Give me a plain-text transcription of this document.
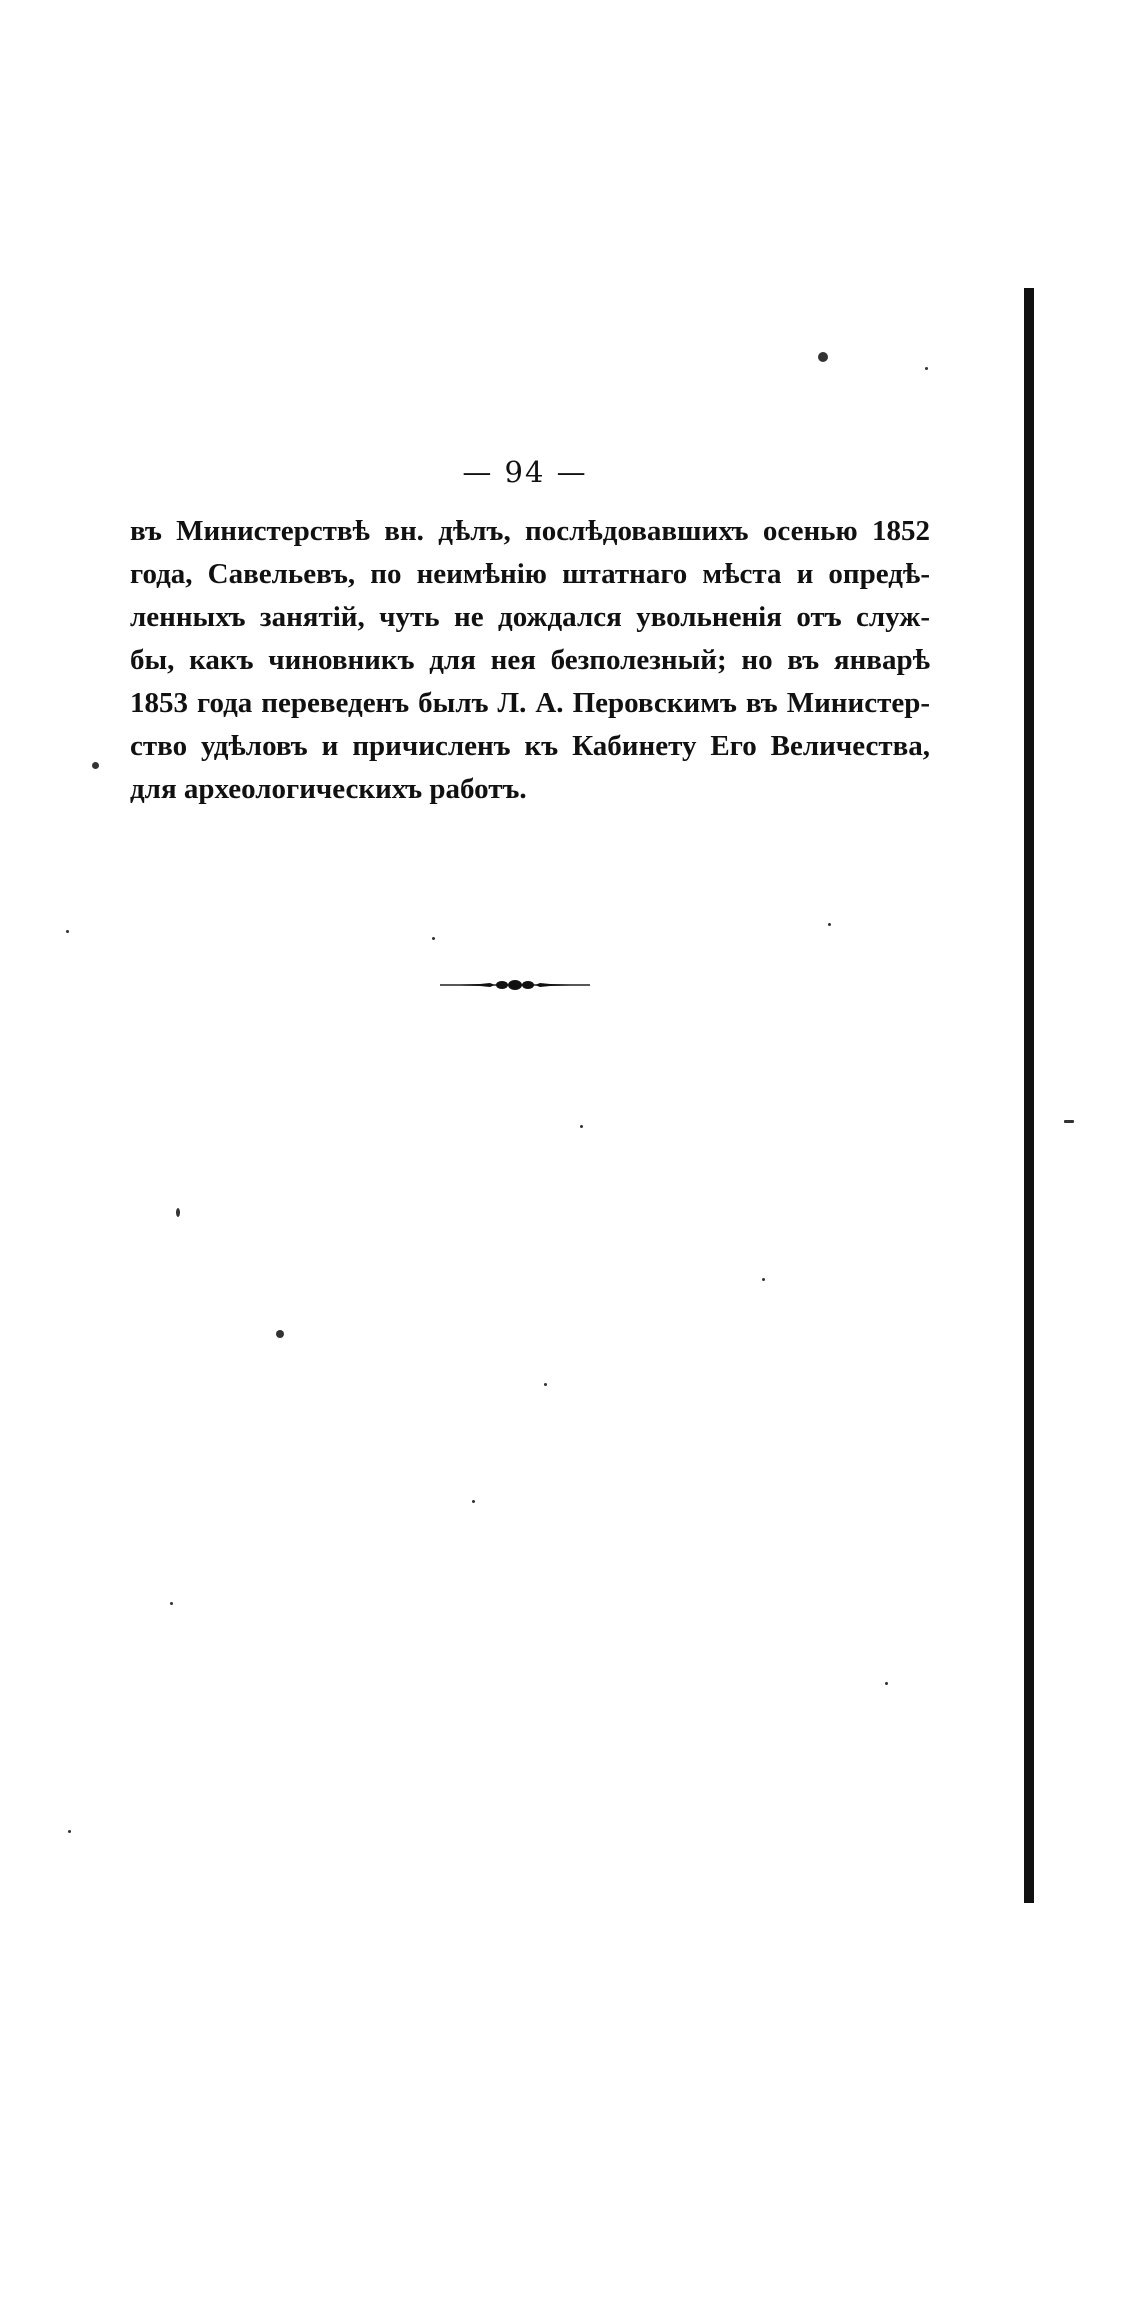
— 94 —
въ Министерствѣ вн. дѣлъ, послѣдовавшихъ осенью 1852
года, Савельевъ, по неимѣнію штатнаго мѣста и опредѣ-
ленныхъ занятій, чуть не дождался увольненія отъ служ-
бы, какъ чиновникъ для нея безполезный; но въ январѣ
1853 года переведенъ былъ Л. А. Перовскимъ въ Министер-
ство удѣловъ и причисленъ къ Кабинету Его Величества,
для археологическихъ работъ.
